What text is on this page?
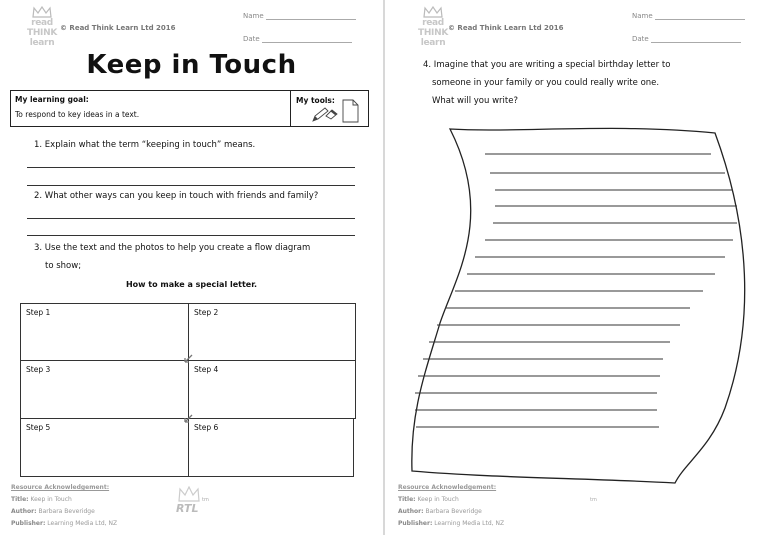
read
THINK
learn
© Read Think Learn Ltd 2016
Name
Date
Keep in Touch
My learning goal:
To respond to key ideas in a text.
My tools:
1. Explain what the term “keeping in touch” means.
2. What other ways can you keep in touch with friends and family?
3. Use the text and the photos to help you create a flow diagram
to show;
How to make a special letter.
Step 1	Step 2
Step 3	Step 4
Step 5	Step 6
Resource Acknowledgement:
Title: Keep in Touch
Author: Barbara Beveridge
Publisher: Learning Media Ltd, NZ
RTL
tm
read
THINK
learn
© Read Think Learn Ltd 2016
Name
Date
4. Imagine that you are writing a special birthday letter to
someone in your family or you could really write one.
What will you write?
Resource Acknowledgement:
Title: Keep in Touch
Author: Barbara Beveridge
Publisher: Learning Media Ltd, NZ
tm
